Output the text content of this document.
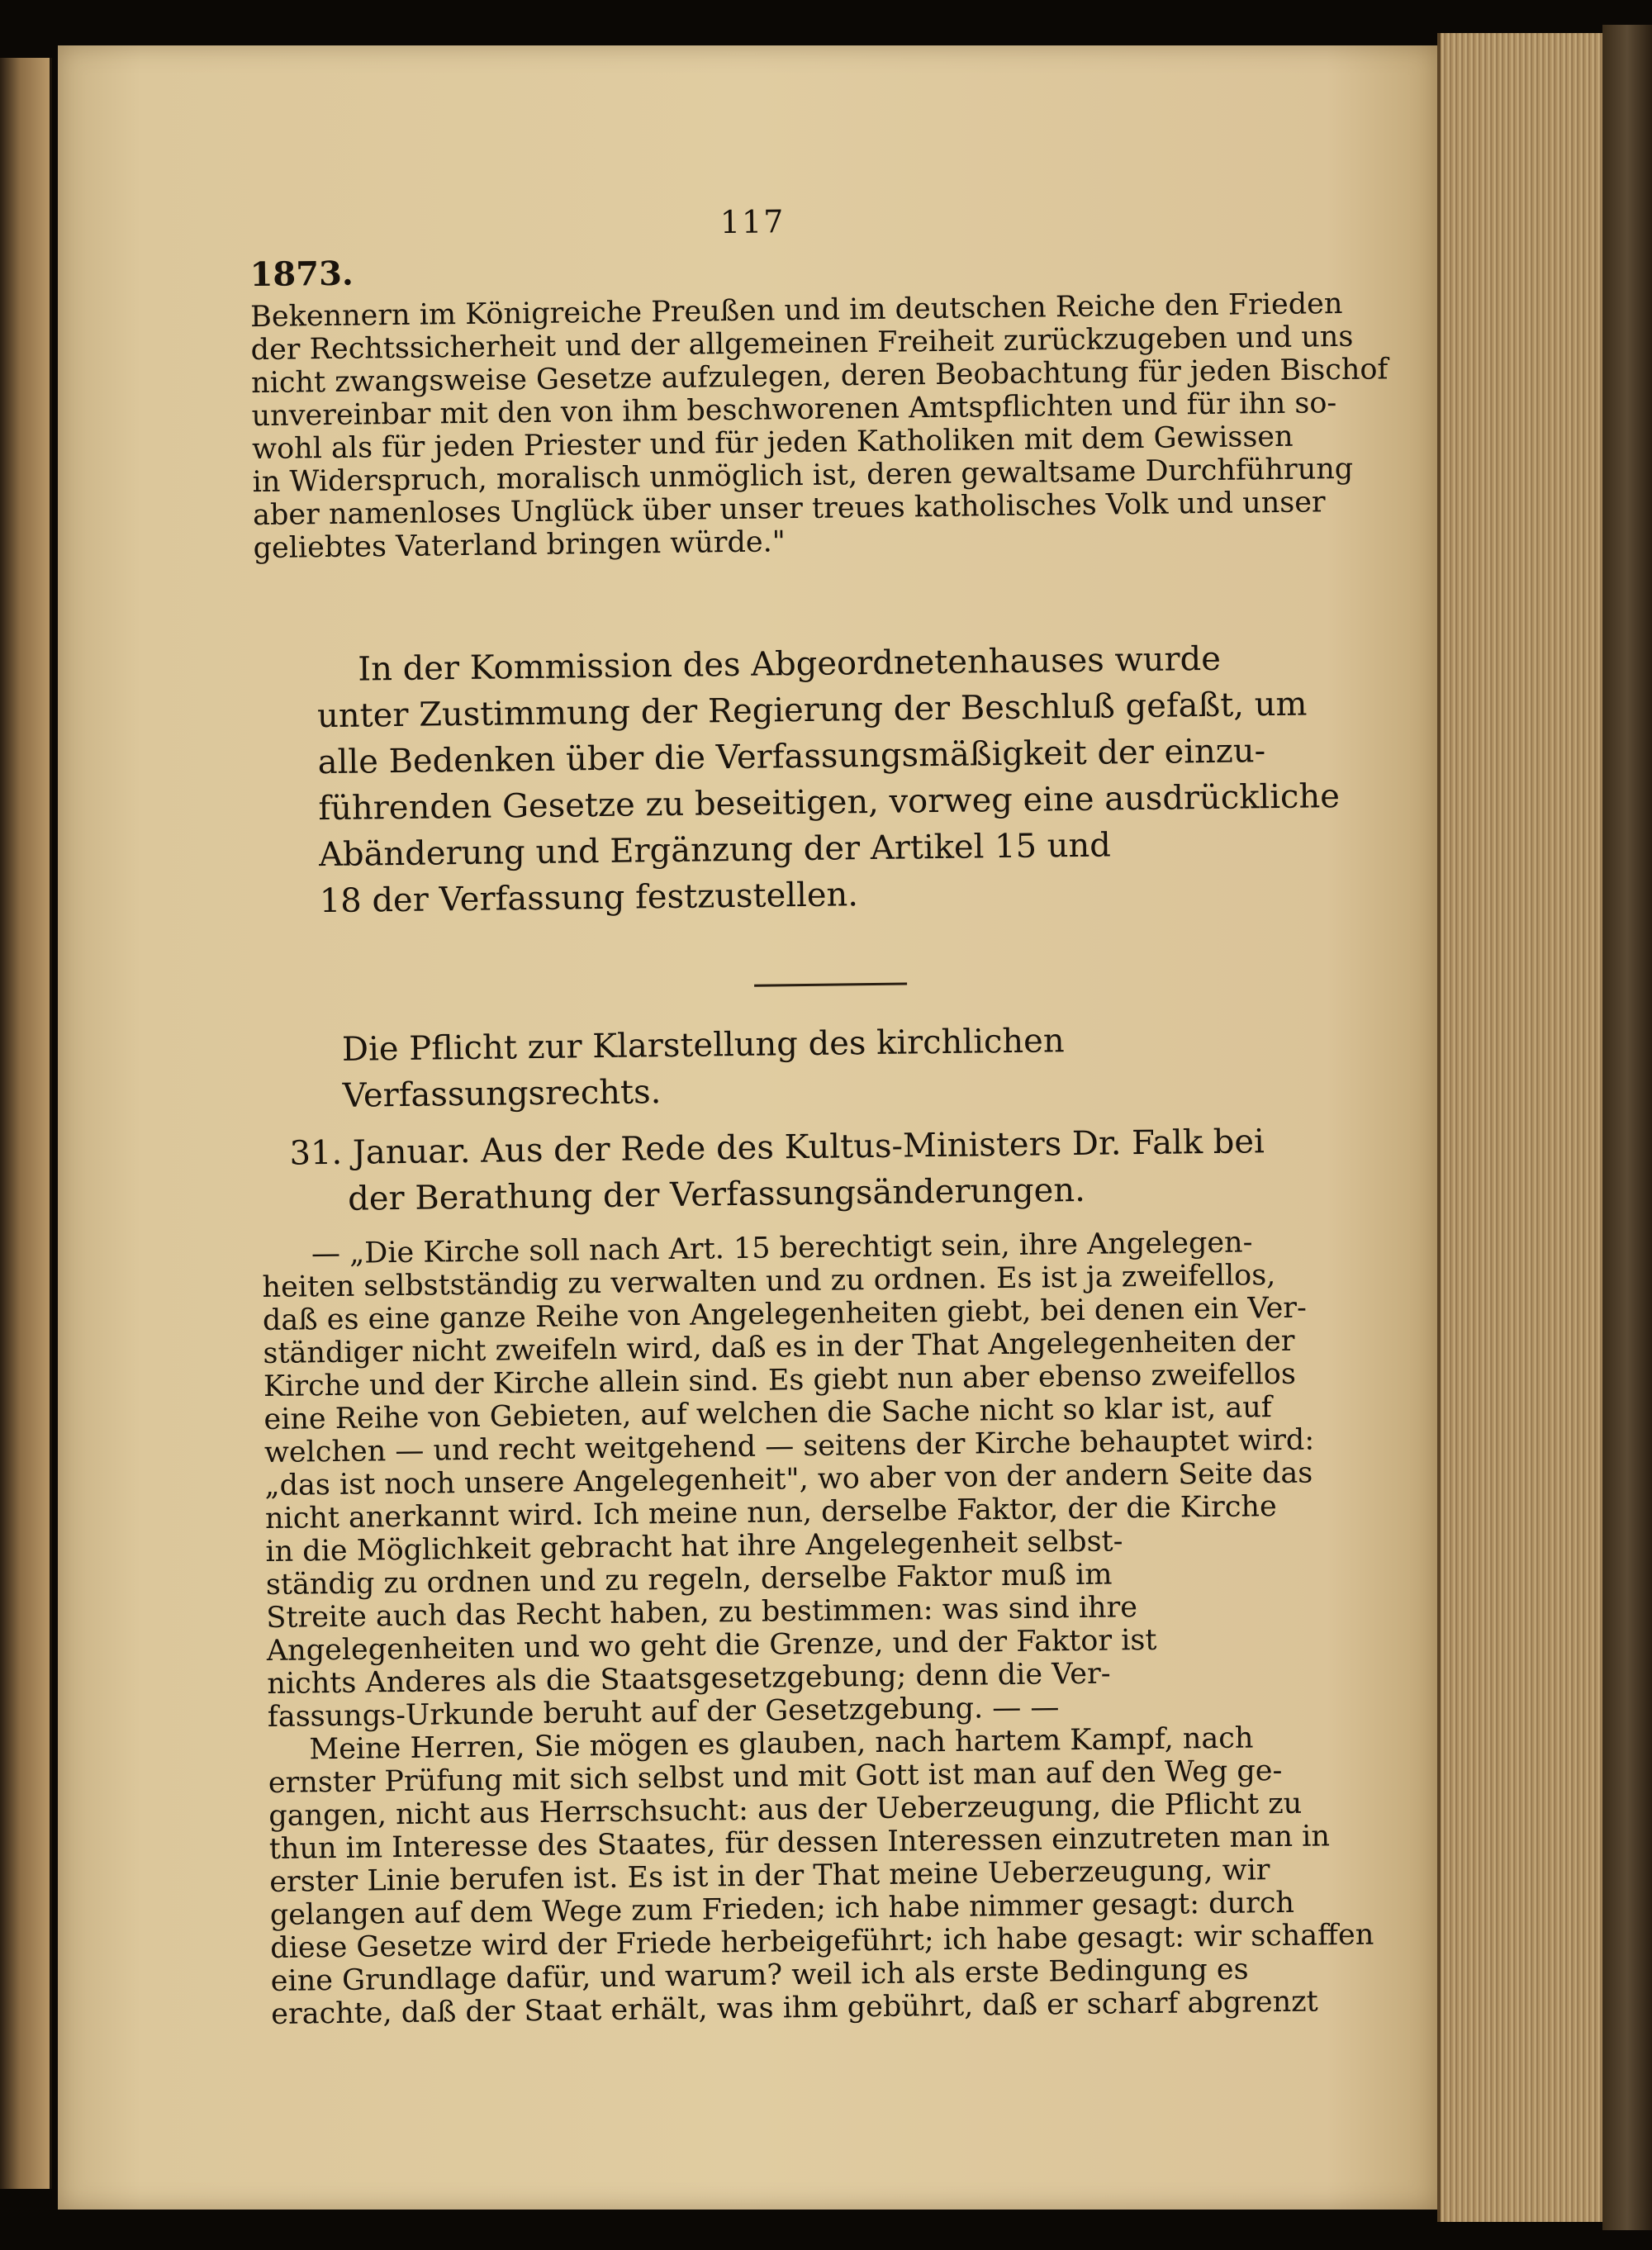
117
1873.
Bekennern im Königreiche Preußen und im deutschen Reiche den Frieden
der Rechtssicherheit und der allgemeinen Freiheit zurückzugeben und uns
nicht zwangsweise Gesetze aufzulegen, deren Beobachtung für jeden Bischof
unvereinbar mit den von ihm beschworenen Amtspflichten und für ihn so-
wohl als für jeden Priester und für jeden Katholiken mit dem Gewissen
in Widerspruch, moralisch unmöglich ist, deren gewaltsame Durchführung
aber namenloses Unglück über unser treues katholisches Volk und unser
geliebtes Vaterland bringen würde."
In der Kommission des Abgeordnetenhauses wurde
unter Zustimmung der Regierung der Beschluß gefaßt, um
alle Bedenken über die Verfassungsmäßigkeit der einzu-
führenden Gesetze zu beseitigen, vorweg eine ausdrückliche
Abänderung und Ergänzung der Artikel 15 und
18 der Verfassung festzustellen.
Die Pflicht zur Klarstellung des kirchlichen
Verfassungsrechts.
31. Januar. Aus der Rede des Kultus-Ministers Dr. Falk bei
der Berathung der Verfassungsänderungen.
— „Die Kirche soll nach Art. 15 berechtigt sein, ihre Angelegen-
heiten selbstständig zu verwalten und zu ordnen. Es ist ja zweifellos,
daß es eine ganze Reihe von Angelegenheiten giebt, bei denen ein Ver-
ständiger nicht zweifeln wird, daß es in der That Angelegenheiten der
Kirche und der Kirche allein sind. Es giebt nun aber ebenso zweifellos
eine Reihe von Gebieten, auf welchen die Sache nicht so klar ist, auf
welchen — und recht weitgehend — seitens der Kirche behauptet wird:
„das ist noch unsere Angelegenheit", wo aber von der andern Seite das
nicht anerkannt wird. Ich meine nun, derselbe Faktor, der die Kirche
in die Möglichkeit gebracht hat ihre Angelegenheit selbst-
ständig zu ordnen und zu regeln, derselbe Faktor muß im
Streite auch das Recht haben, zu bestimmen: was sind ihre
Angelegenheiten und wo geht die Grenze, und der Faktor ist
nichts Anderes als die Staatsgesetzgebung; denn die Ver-
fassungs-Urkunde beruht auf der Gesetzgebung. — —
Meine Herren, Sie mögen es glauben, nach hartem Kampf, nach
ernster Prüfung mit sich selbst und mit Gott ist man auf den Weg ge-
gangen, nicht aus Herrschsucht: aus der Ueberzeugung, die Pflicht zu
thun im Interesse des Staates, für dessen Interessen einzutreten man in
erster Linie berufen ist. Es ist in der That meine Ueberzeugung, wir
gelangen auf dem Wege zum Frieden; ich habe nimmer gesagt: durch
diese Gesetze wird der Friede herbeigeführt; ich habe gesagt: wir schaffen
eine Grundlage dafür, und warum? weil ich als erste Bedingung es
erachte, daß der Staat erhält, was ihm gebührt, daß er scharf abgrenzt
